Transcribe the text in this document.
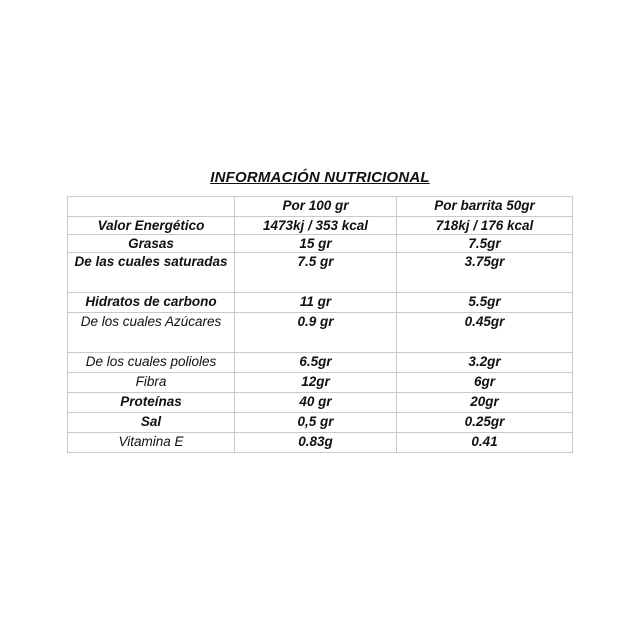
INFORMACIÓN NUTRICIONAL
	Por 100 gr	Por barrita 50gr
Valor Energético	1473kj / 353 kcal	718kj / 176 kcal
Grasas	15 gr	7.5gr
De las cuales saturadas	7.5 gr	3.75gr
Hidratos de carbono	11 gr	5.5gr
De los cuales Azúcares	0.9 gr	0.45gr
De los cuales polioles	6.5gr	3.2gr
Fibra	12gr	6gr
Proteínas	40 gr	20gr
Sal	0,5 gr	0.25gr
Vitamina E	0.83g	0.41
